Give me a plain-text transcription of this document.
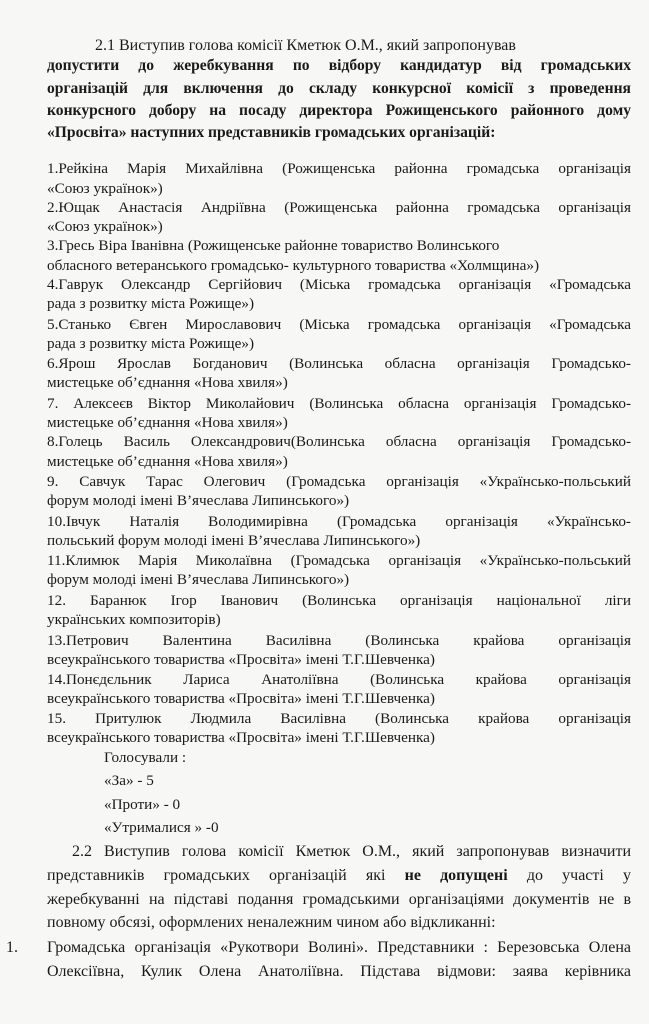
2.1 Виступив голова комісії Кметюк О.М., який запропонував
допустити до жеребкування по відбору кандидатур від громадських
організацій для включення до складу конкурсної комісії з проведення
конкурсного добору на посаду директора Рожищенського районного дому
«Просвіта» наступних представників громадських організацій:
1.Рейкіна Марія Михайлівна (Рожищенська районна громадська організація
«Союз українок»)
2.Ющак Анастасія Андріївна (Рожищенська районна громадська організація
«Союз українок»)
3.Гресь Віра Іванівна (Рожищенське районне товариство Волинського
обласного ветеранського громадсько- культурного товариства «Холмщина»)
4.Гаврук Олександр Сергійович (Міська громадська організація «Громадська
рада з розвитку міста Рожище»)
5.Станько Євген Мирославович (Міська громадська організація «Громадська
рада з розвитку міста Рожище»)
6.Ярош Ярослав Богданович (Волинська обласна організація Громадсько-
мистецьке об’єднання «Нова хвиля»)
7. Алексеєв Віктор Миколайович (Волинська обласна організація Громадсько-
мистецьке об’єднання «Нова хвиля»)
8.Голець Василь Олександрович(Волинська обласна організація Громадсько-
мистецьке об’єднання «Нова хвиля»)
9. Савчук Тарас Олегович (Громадська організація «Українсько-польський
форум молоді імені В’ячеслава Липинського»)
10.Івчук Наталія Володимирівна (Громадська організація «Українсько-
польський форум молоді імені В’ячеслава Липинського»)
11.Климюк Марія Миколаївна (Громадська організація «Українсько-польський
форум молоді імені В’ячеслава Липинського»)
12. Баранюк Ігор Іванович (Волинська організація національної ліги
українських композиторів)
13.Петрович Валентина Василівна (Волинська крайова організація
всеукраїнського товариства «Просвіта» імені Т.Г.Шевченка)
14.Понєдєльник Лариса Анатоліївна (Волинська крайова організація
всеукраїнського товариства «Просвіта» імені Т.Г.Шевченка)
15. Притулюк Людмила Василівна (Волинська крайова організація
всеукраїнського товариства «Просвіта» імені Т.Г.Шевченка)
Голосували :
«За» - 5
«Проти» - 0
«Утрималися » -0
2.2 Виступив голова комісії Кметюк О.М., який запропонував визначити
представників громадських організацій які не допущені до участі у
жеребкуванні на підставі подання громадськими організаціями документів не в
повному обсязі, оформлених неналежним чином або відкликанні:
1. Громадська організація «Рукотвори Волині». Представники : Березовська Олена
Олексіївна, Кулик Олена Анатоліївна. Підстава відмови: заява керівника
